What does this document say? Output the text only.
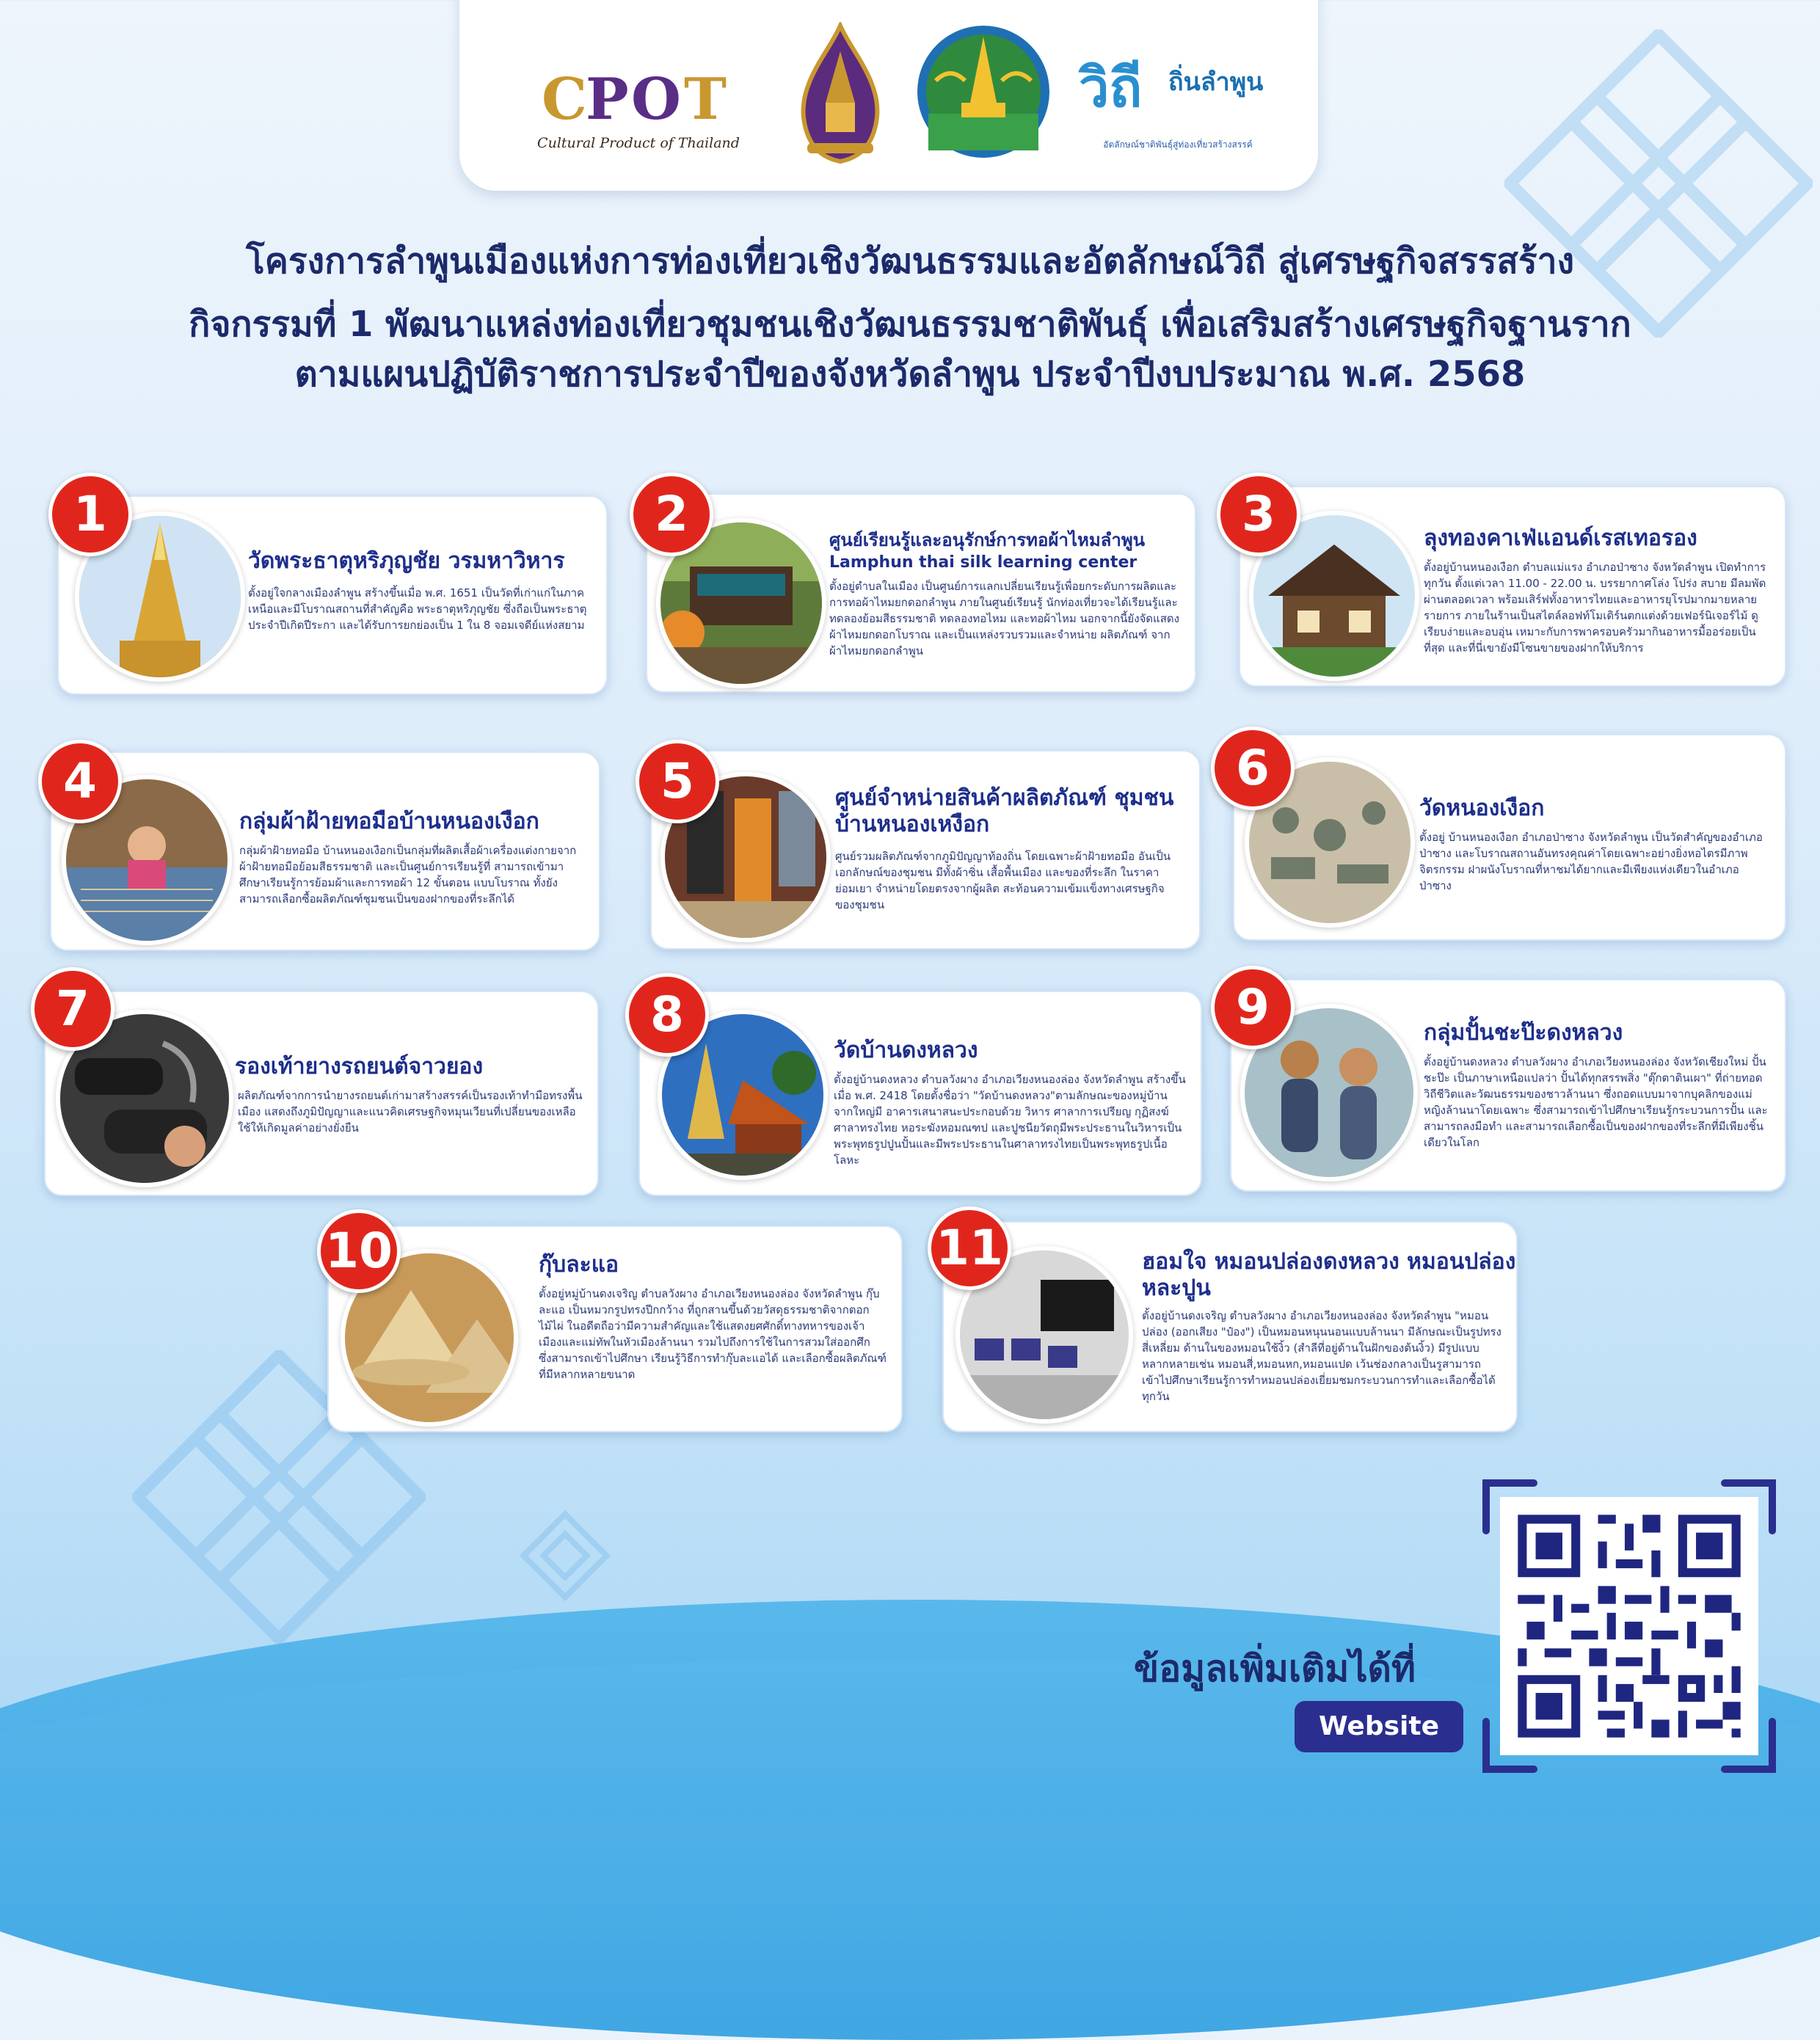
C
P O T
Cultural Product of Thailand
วิถี ถิ่นลำพูน
อัตลักษณ์ชาติพันธุ์สู่ท่องเที่ยวสร้างสรรค์

โครงการลำพูนเมืองแห่งการท่องเที่ยวเชิงวัฒนธรรมและอัตลักษณ์วิถี สู่เศรษฐกิจสรรสร้าง

กิจกรรมที่ 1 พัฒนาแหล่งท่องเที่ยวชุมชนเชิงวัฒนธรรมชาติพันธุ์ เพื่อเสริมสร้างเศรษฐกิจฐานราก

ตามแผนปฏิบัติราชการประจำปีของจังหวัดลำพูน ประจำปีงบประมาณ พ.ศ. 2568

วัดพระธาตุหริภุญชัย วรมหาวิหาร

ตั้งอยู่ใจกลางเมืองลำพูน สร้างขึ้นเมื่อ พ.ศ. 1651 เป็นวัดที่เก่าแก่ในภาคเหนือและมีโบราณสถานที่สำคัญคือ พระธาตุหริภุญชัย ซึ่งถือเป็นพระธาตุประจำปีเกิดปีระกา และได้รับการยกย่องเป็น 1 ใน 8 จอมเจดีย์แห่งสยาม

1	ศูนย์เรียนรู้และอนุรักษ์การทอผ้าไหมลำพูน

Lamphun thai silk learning center

ตั้งอยู่ตำบลในเมือง เป็นศูนย์การแลกเปลี่ยนเรียนรู้เพื่อยกระดับการผลิตและการทอผ้าไหมยกดอกลำพูน ภายในศูนย์เรียนรู้ นักท่องเที่ยวจะได้เรียนรู้และทดลองย้อมสีธรรมชาติ ทดลองทอไหม และทอผ้าไหม นอกจากนี้ยังจัดแสดงผ้าไหมยกดอกโบราณ และเป็นแหล่งรวบรวมและจำหน่าย ผลิตภัณฑ์ จากผ้าไหมยกดอกลำพูน

2	ลุงทองคาเฟ่แอนด์เรสเทอรอง

ตั้งอยู่บ้านหนองเงือก ตำบลแม่แรง อำเภอป่าซาง จังหวัดลำพูน เปิดทำการทุกวัน ตั้งแต่เวลา 11.00 - 22.00 น. บรรยากาศโล่ง โปร่ง สบาย มีลมพัดผ่านตลอดเวลา พร้อมเสิร์ฟทั้งอาหารไทยและอาหารยุโรปมากมายหลายรายการ ภายในร้านเป็นสไตล์ลอฟท์โมเดิร์นตกแต่งด้วยเฟอร์นิเจอร์ไม้ ดูเรียบง่ายและอบอุ่น เหมาะกับการพาครอบครัวมากินอาหารมื้ออร่อยเป็นที่สุด และที่นี่เขายังมีโซนขายของฝากให้บริการ

3

กลุ่มผ้าฝ้ายทอมือบ้านหนองเงือก

กลุ่มผ้าฝ้ายทอมือ บ้านหนองเงือกเป็นกลุ่มที่ผลิตเสื้อผ้าเครื่องแต่งกายจากผ้าฝ้ายทอมือย้อมสีธรรมชาติ และเป็นศูนย์การเรียนรู้ที่ สามารถเข้ามาศึกษาเรียนรู้การย้อมผ้าและการทอผ้า 12 ขั้นตอน แบบโบราณ ทั้งยังสามารถเลือกซื้อผลิตภัณฑ์ชุมชนเป็นของฝากของที่ระลึกได้

4	ศูนย์จำหน่ายสินค้าผลิตภัณฑ์ ชุมชนบ้านหนองเหงือก

ศูนย์รวมผลิตภัณฑ์จากภูมิปัญญาท้องถิ่น โดยเฉพาะผ้าฝ้ายทอมือ อันเป็นเอกลักษณ์ของชุมชน มีทั้งผ้าซิ่น เสื้อพื้นเมือง และของที่ระลึก ในราคาย่อมเยา จำหน่ายโดยตรงจากผู้ผลิต สะท้อนความเข้มแข็งทางเศรษฐกิจของชุมชน

5	วัดหนองเงือก

ตั้งอยู่ บ้านหนองเงือก อำเภอป่าซาง จังหวัดลำพูน เป็นวัดสำคัญของอำเภอป่าซาง และโบราณสถานอันทรงคุณค่าโดยเฉพาะอย่างยิ่งหอไตรมีภาพจิตรกรรม ฝาผนังโบราณที่หาชมได้ยากและมีเพียงแห่งเดียวในอำเภอป่าซาง

6

รองเท้ายางรถยนต์จาวยอง

ผลิตภัณฑ์จากการนำยางรถยนต์เก่ามาสร้างสรรค์เป็นรองเท้าทำมือทรงพื้นเมือง แสดงถึงภูมิปัญญาและแนวคิดเศรษฐกิจหมุนเวียนที่เปลี่ยนของเหลือใช้ให้เกิดมูลค่าอย่างยั่งยืน

7

วัดบ้านดงหลวง

ตั้งอยู่บ้านดงหลวง ตำบลวังผาง อำเภอเวียงหนองล่อง จังหวัดลำพูน สร้างขึ้นเมื่อ พ.ศ. 2418 โดยตั้งชื่อว่า "วัดบ้านดงหลวง"ตามลักษณะของหมู่บ้านจากใหญ่มี อาคารเสนาสนะประกอบด้วย วิหาร ศาลาการเปรียญ กุฏิสงฆ์ศาลาทรงไทย หอระฆังหอมณฑป และปูชนียวัตถุมีพระประธานในวิหารเป็นพระพุทธรูปปูนปั้นและมีพระประธานในศาลาทรงไทยเป็นพระพุทธรูปเนื้อโลหะ

8	กลุ่มปั้นชะป๊ะดงหลวง

ตั้งอยู่บ้านดงหลวง ตำบลวังผาง อำเภอเวียงหนองล่อง จังหวัดเชียงใหม่ ปั้นชะป๊ะ เป็นภาษาเหนือแปลว่า ปั้นได้ทุกสรรพสิ่ง "ตุ๊กตาดินเผา" ที่ถ่ายทอดวิถีชีวิตและวัฒนธรรมของชาวล้านนา ซึ่งถอดแบบมาจากบุคลิกของแม่หญิงล้านนาโดยเฉพาะ ซึ่งสามารถเข้าไปศึกษาเรียนรู้กระบวนการปั้น และสามารถลงมือทำ และสามารถเลือกซื้อเป็นของฝากของที่ระลึกที่มีเพียงชิ้นเดียวในโลก

9

กุ๊บละแอ

ตั้งอยู่หมู่บ้านดงเจริญ ตำบลวังผาง อำเภอเวียงหนองล่อง จังหวัดลำพูน กุ๊บละแอ เป็นหมวกรูปทรงปีกกว้าง ที่ถูกสานขึ้นด้วยวัสดุธรรมชาติจากตอกไม้ไผ่ ในอดีตถือว่ามีความสำคัญและใช้แสดงยศศักดิ์ทางทหารของเจ้าเมืองและแม่ทัพในหัวเมืองล้านนา รวมไปถึงการใช้ในการสวมใส่ออกศึก ซึ่งสามารถเข้าไปศึกษา เรียนรู้วิธีการทำกุ๊บละแอได้ และเลือกซื้อผลิตภัณฑ์ที่มีหลากหลายขนาด

10	ฮอมใจ หมอนปล่องดงหลวง หมอนปล่องหละปูน

ตั้งอยู่บ้านดงเจริญ ตำบลวังผาง อำเภอเวียงหนองล่อง จังหวัดลำพูน "หมอนปล่อง (ออกเสียง "ป๋อง") เป็นหมอนหนุนนอนแบบล้านนา มีลักษณะเป็นรูปทรงสี่เหลี่ยม ด้านในของหมอนใช้งิ้ว (สำลีที่อยู่ด้านในฝักของต้นงิ้ว) มีรูปแบบหลากหลายเช่น หมอนสี่,หมอนหก,หมอนแปด เว้นช่องกลางเป็นรูสามารถเข้าไปศึกษาเรียนรู้การทำหมอนปล่องเยี่ยมชมกระบวนการทำและเลือกซื้อได้ทุกวัน

11
ข้อมูลเพิ่มเติมได้ที่
Website
